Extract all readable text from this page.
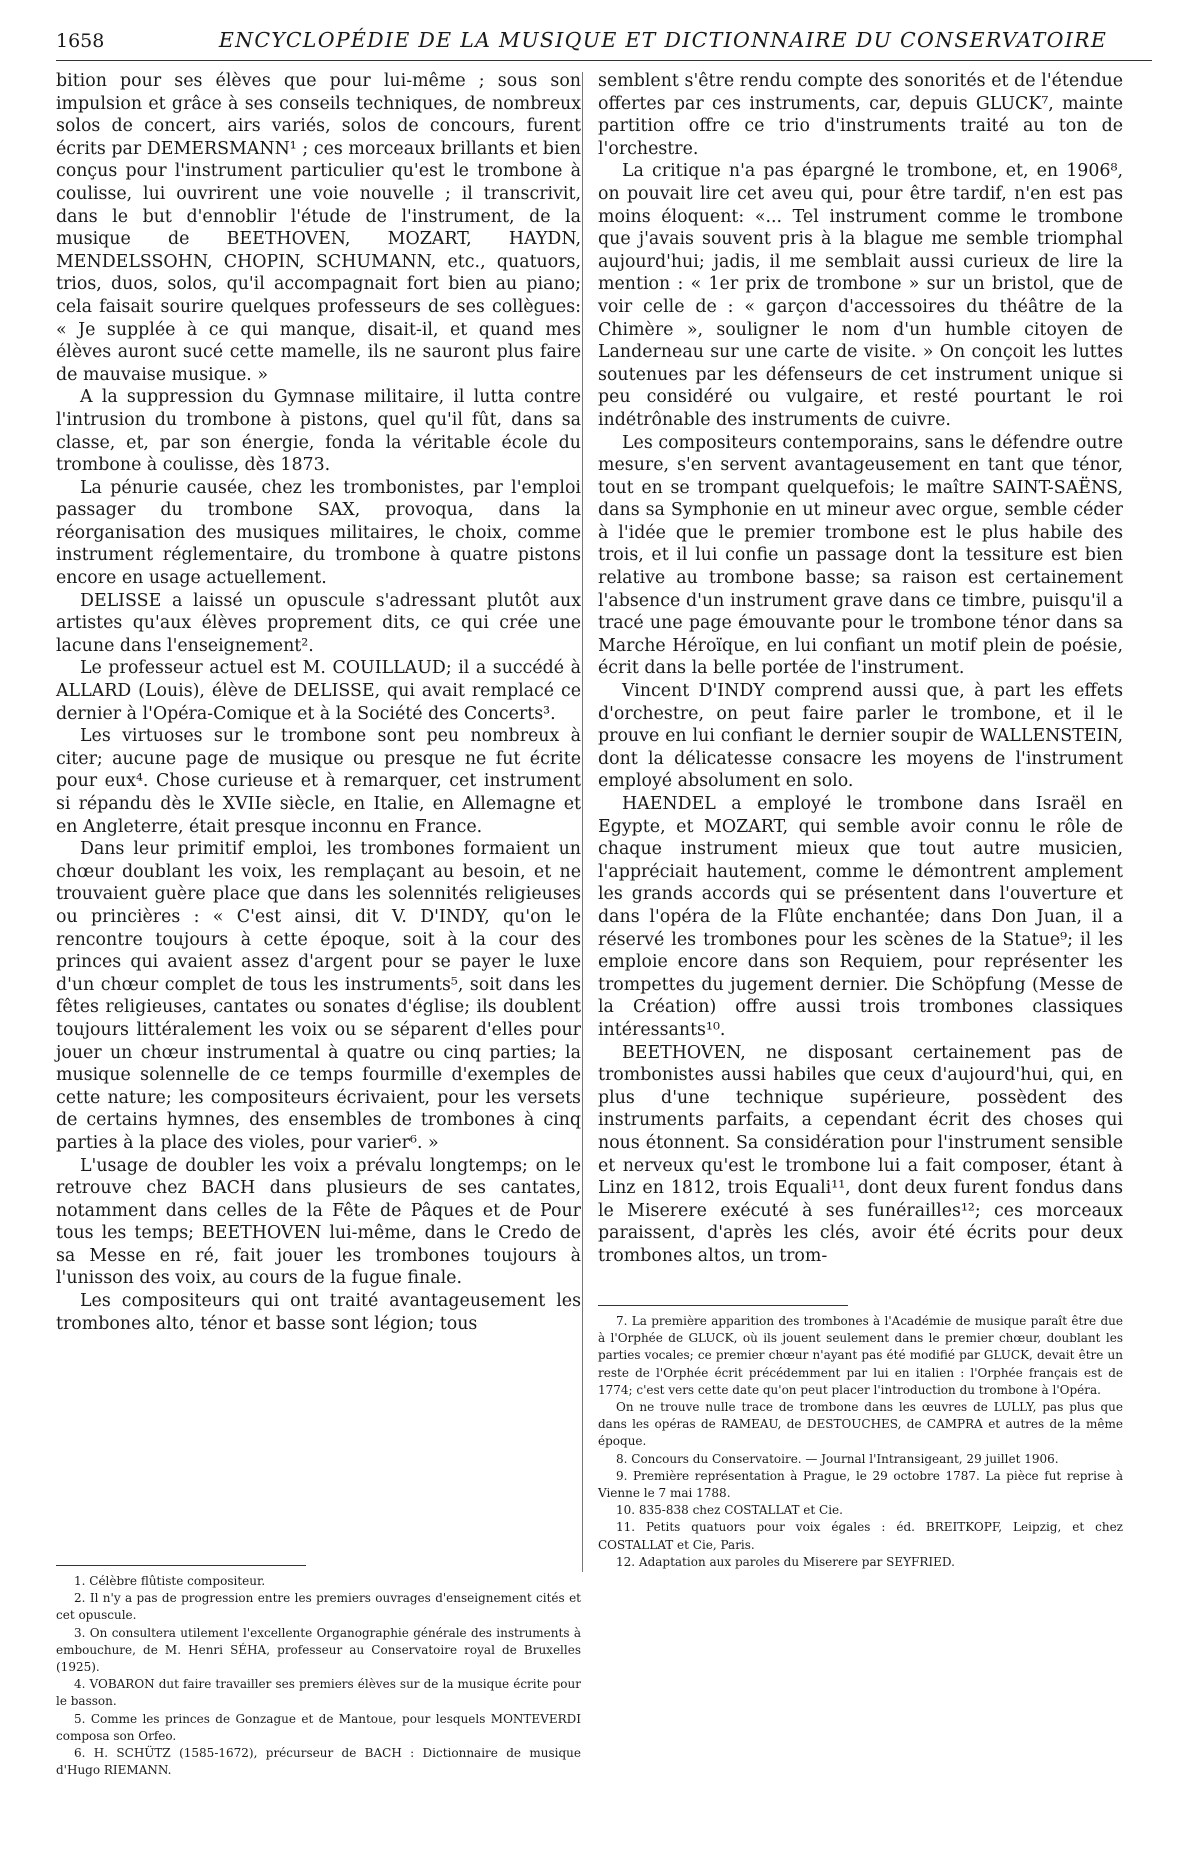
1658	ENCYCLOPÉDIE DE LA MUSIQUE ET DICTIONNAIRE DU CONSERVATOIRE

bition pour ses élèves que pour lui-même ; sous son impulsion et grâce à ses conseils techniques, de nombreux solos de concert, airs variés, solos de concours, furent écrits par DEMERSMANN¹ ; ces morceaux brillants et bien conçus pour l'instrument particulier qu'est le trombone à coulisse, lui ouvrirent une voie nouvelle ; il transcrivit, dans le but d'ennoblir l'étude de l'instrument, de la musique de BEETHOVEN, MOZART, HAYDN, MENDELSSOHN, CHOPIN, SCHUMANN, etc., quatuors, trios, duos, solos, qu'il accompagnait fort bien au piano; cela faisait sourire quelques professeurs de ses collègues: « Je supplée à ce qui manque, disait-il, et quand mes élèves auront sucé cette mamelle, ils ne sauront plus faire de mauvaise musique. »

A la suppression du Gymnase militaire, il lutta contre l'intrusion du trombone à pistons, quel qu'il fût, dans sa classe, et, par son énergie, fonda la véritable école du trombone à coulisse, dès 1873.

La pénurie causée, chez les trombonistes, par l'emploi passager du trombone SAX, provoqua, dans la réorganisation des musiques militaires, le choix, comme instrument réglementaire, du trombone à quatre pistons encore en usage actuellement.

DELISSE a laissé un opuscule s'adressant plutôt aux artistes qu'aux élèves proprement dits, ce qui crée une lacune dans l'enseignement².

Le professeur actuel est M. COUILLAUD; il a succédé à ALLARD (Louis), élève de DELISSE, qui avait remplacé ce dernier à l'Opéra-Comique et à la Société des Concerts³.

Les virtuoses sur le trombone sont peu nombreux à citer; aucune page de musique ou presque ne fut écrite pour eux⁴. Chose curieuse et à remarquer, cet instrument si répandu dès le XVIIe siècle, en Italie, en Allemagne et en Angleterre, était presque inconnu en France.

Dans leur primitif emploi, les trombones formaient un chœur doublant les voix, les remplaçant au besoin, et ne trouvaient guère place que dans les solennités religieuses ou princières : « C'est ainsi, dit V. D'INDY, qu'on le rencontre toujours à cette époque, soit à la cour des princes qui avaient assez d'argent pour se payer le luxe d'un chœur complet de tous les instruments⁵, soit dans les fêtes religieuses, cantates ou sonates d'église; ils doublent toujours littéralement les voix ou se séparent d'elles pour jouer un chœur instrumental à quatre ou cinq parties; la musique solennelle de ce temps fourmille d'exemples de cette nature; les compositeurs écrivaient, pour les versets de certains hymnes, des ensembles de trombones à cinq parties à la place des violes, pour varier⁶. »

L'usage de doubler les voix a prévalu longtemps; on le retrouve chez BACH dans plusieurs de ses cantates, notamment dans celles de la Fête de Pâques et de Pour tous les temps; BEETHOVEN lui-même, dans le Credo de sa Messe en ré, fait jouer les trombones toujours à l'unisson des voix, au cours de la fugue finale.

Les compositeurs qui ont traité avantageusement les trombones alto, ténor et basse sont légion; tous

semblent s'être rendu compte des sonorités et de l'étendue offertes par ces instruments, car, depuis GLUCK⁷, mainte partition offre ce trio d'instruments traité au ton de l'orchestre.

La critique n'a pas épargné le trombone, et, en 1906⁸, on pouvait lire cet aveu qui, pour être tardif, n'en est pas moins éloquent: «... Tel instrument comme le trombone que j'avais souvent pris à la blague me semble triomphal aujourd'hui; jadis, il me semblait aussi curieux de lire la mention : « 1er prix de trombone » sur un bristol, que de voir celle de : « garçon d'accessoires du théâtre de la Chimère », souligner le nom d'un humble citoyen de Landerneau sur une carte de visite. » On conçoit les luttes soutenues par les défenseurs de cet instrument unique si peu considéré ou vulgaire, et resté pourtant le roi indétrônable des instruments de cuivre.

Les compositeurs contemporains, sans le défendre outre mesure, s'en servent avantageusement en tant que ténor, tout en se trompant quelquefois; le maître SAINT-SAËNS, dans sa Symphonie en ut mineur avec orgue, semble céder à l'idée que le premier trombone est le plus habile des trois, et il lui confie un passage dont la tessiture est bien relative au trombone basse; sa raison est certainement l'absence d'un instrument grave dans ce timbre, puisqu'il a tracé une page émouvante pour le trombone ténor dans sa Marche Héroïque, en lui confiant un motif plein de poésie, écrit dans la belle portée de l'instrument.

Vincent D'INDY comprend aussi que, à part les effets d'orchestre, on peut faire parler le trombone, et il le prouve en lui confiant le dernier soupir de WALLENSTEIN, dont la délicatesse consacre les moyens de l'instrument employé absolument en solo.

HAENDEL a employé le trombone dans Israël en Egypte, et MOZART, qui semble avoir connu le rôle de chaque instrument mieux que tout autre musicien, l'appréciait hautement, comme le démontrent amplement les grands accords qui se présentent dans l'ouverture et dans l'opéra de la Flûte enchantée; dans Don Juan, il a réservé les trombones pour les scènes de la Statue⁹; il les emploie encore dans son Requiem, pour représenter les trompettes du jugement dernier. Die Schöpfung (Messe de la Création) offre aussi trois trombones classiques intéressants¹⁰.

BEETHOVEN, ne disposant certainement pas de trombonistes aussi habiles que ceux d'aujourd'hui, qui, en plus d'une technique supérieure, possèdent des instruments parfaits, a cependant écrit des choses qui nous étonnent. Sa considération pour l'instrument sensible et nerveux qu'est le trombone lui a fait composer, étant à Linz en 1812, trois Equali¹¹, dont deux furent fondus dans le Miserere exécuté à ses funérailles¹²; ces morceaux paraissent, d'après les clés, avoir été écrits pour deux trombones altos, un trom-

1. Célèbre flûtiste compositeur.

2. Il n'y a pas de progression entre les premiers ouvrages d'enseignement cités et cet opuscule.

3. On consultera utilement l'excellente Organographie générale des instruments à embouchure, de M. Henri SÉHA, professeur au Conservatoire royal de Bruxelles (1925).

4. VOBARON dut faire travailler ses premiers élèves sur de la musique écrite pour le basson.

5. Comme les princes de Gonzague et de Mantoue, pour lesquels MONTEVERDI composa son Orfeo.

6. H. SCHÜTZ (1585-1672), précurseur de BACH : Dictionnaire de musique d'Hugo RIEMANN.

7. La première apparition des trombones à l'Académie de musique paraît être due à l'Orphée de GLUCK, où ils jouent seulement dans le premier chœur, doublant les parties vocales; ce premier chœur n'ayant pas été modifié par GLUCK, devait être un reste de l'Orphée écrit précédemment par lui en italien : l'Orphée français est de 1774; c'est vers cette date qu'on peut placer l'introduction du trombone à l'Opéra.

On ne trouve nulle trace de trombone dans les œuvres de LULLY, pas plus que dans les opéras de RAMEAU, de DESTOUCHES, de CAMPRA et autres de la même époque.

8. Concours du Conservatoire. — Journal l'Intransigeant, 29 juillet 1906.

9. Première représentation à Prague, le 29 octobre 1787. La pièce fut reprise à Vienne le 7 mai 1788.

10. 835-838 chez COSTALLAT et Cie.

11. Petits quatuors pour voix égales : éd. BREITKOPF, Leipzig, et chez COSTALLAT et Cie, Paris.

12. Adaptation aux paroles du Miserere par SEYFRIED.
